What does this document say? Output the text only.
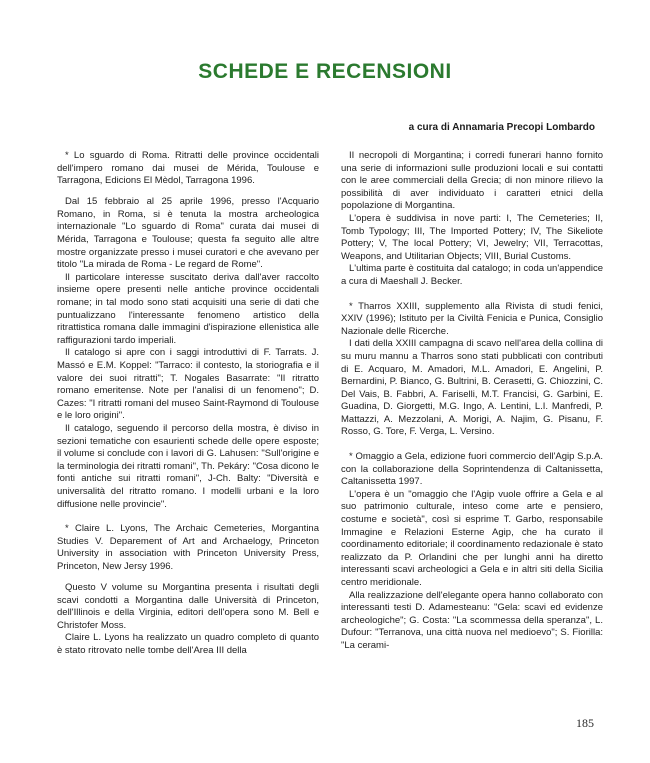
SCHEDE E RECENSIONI
a cura di Annamaria Precopi Lombardo

* Lo sguardo di Roma. Ritratti delle province occidentali dell'impero romano dai musei de Mérida, Toulouse e Tarragona, Edicions El Mèdol, Tarragona 1996.

Dal 15 febbraio al 25 aprile 1996, presso l'Acquario Romano, in Roma, si è tenuta la mostra archeologica internazionale "Lo sguardo di Roma" curata dai musei di Mérida, Tarragona e Toulouse; questa fa seguito alle altre mostre organizzate presso i musei curatori e che avevano per titolo "La mirada de Roma - Le regard de Rome".

Il particolare interesse suscitato deriva dall'aver raccolto insieme opere presenti nelle antiche province occidentali romane; in tal modo sono stati acquisiti una serie di dati che puntualizzano l'interessante fenomeno artistico della ritrattistica romana dalle immagini d'ispirazione ellenistica alle raffigurazioni tardo imperiali.

Il catalogo si apre con i saggi introduttivi di F. Tarrats. J. Massó e E.M. Koppel: "Tarraco: il contesto, la storiografia e il valore dei suoi ritratti"; T. Nogales Basarrate: "Il ritratto romano emeritense. Note per l'analisi di un fenomeno"; D. Cazes: "I ritratti romani del museo Saint-Raymond di Toulouse e le loro origini".

Il catalogo, seguendo il percorso della mostra, è diviso in sezioni tematiche con esaurienti schede delle opere esposte; il volume si conclude con i lavori di G. Lahusen: "Sull'origine e la terminologia dei ritratti romani", Th. Pekáry: "Cosa dicono le fonti antiche sui ritratti romani", J-Ch. Balty: "Diversità e universalità del ritratto romano. I modelli urbani e la loro diffusione nelle provincie".

* Claire L. Lyons, The Archaic Cemeteries, Morgantina Studies V. Deparement of Art and Archaelogy, Princeton University in association with Princeton University Press, Princeton, New Jersy 1996.

Questo V volume su Morgantina presenta i risultati degli scavi condotti a Morgantina dalle Università di Princeton, dell'Illinois e della Virginia, editori dell'opera sono M. Bell e Christofer Moss.

Claire L. Lyons ha realizzato un quadro completo di quanto è stato ritrovato nelle tombe dell'Area III della

II necropoli di Morgantina; i corredi funerari hanno fornito una serie di informazioni sulle produzioni locali e sui contatti con le aree commerciali della Grecia; di non minore rilievo la possibilità di aver individuato i caratteri etnici della popolazione di Morgantina.

L'opera è suddivisa in nove parti: I, The Cemeteries; II, Tomb Typology; III, The Imported Pottery; IV, The Sikeliote Pottery; V, The local Pottery; VI, Jewelry; VII, Terracottas, Weapons, and Utilitarian Objects; VIII, Burial Customs.

L'ultima parte è costituita dal catalogo; in coda un'appendice a cura di Maeshall J. Becker.

* Tharros XXIII, supplemento alla Rivista di studi fenici, XXIV (1996); Istituto per la Civiltà Fenicia e Punica, Consiglio Nazionale delle Ricerche.

I dati della XXIII campagna di scavo nell'area della collina di su muru mannu a Tharros sono stati pubblicati con contributi di E. Acquaro, M. Amadori, M.L. Amadori, E. Angelini, P. Bernardini, P. Bianco, G. Bultrini, B. Cerasetti, G. Chiozzini, C. Del Vais, B. Fabbri, A. Fariselli, M.T. Francisi, G. Garbini, E. Guadina, D. Giorgetti, M.G. Ingo, A. Lentini, L.I. Manfredi, P. Mattazzi, A. Mezzolani, A. Morigi, A. Najim, G. Pisanu, F. Rosso, G. Tore, F. Verga, L. Versino.

* Omaggio a Gela, edizione fuori commercio dell'Agip S.p.A. con la collaborazione della Soprintendenza di Caltanissetta, Caltanissetta 1997.

L'opera è un "omaggio che l'Agip vuole offrire a Gela e al suo patrimonio culturale, inteso come arte e pensiero, costume e società", così si esprime T. Garbo, responsabile Immagine e Relazioni Esterne Agip, che ha curato il coordinamento editoriale; il coordinamento redazionale è stato realizzato da P. Orlandini che per lunghi anni ha diretto interessanti scavi archeologici a Gela e in altri siti della Sicilia centro meridionale.

Alla realizzazione dell'elegante opera hanno collaborato con interessanti testi D. Adamesteanu: "Gela: scavi ed evidenze archeologiche"; G. Costa: "La scommessa della speranza", L. Dufour: "Terranova, una città nuova nel medioevo"; S. Fiorilla: "La cerami-

185
